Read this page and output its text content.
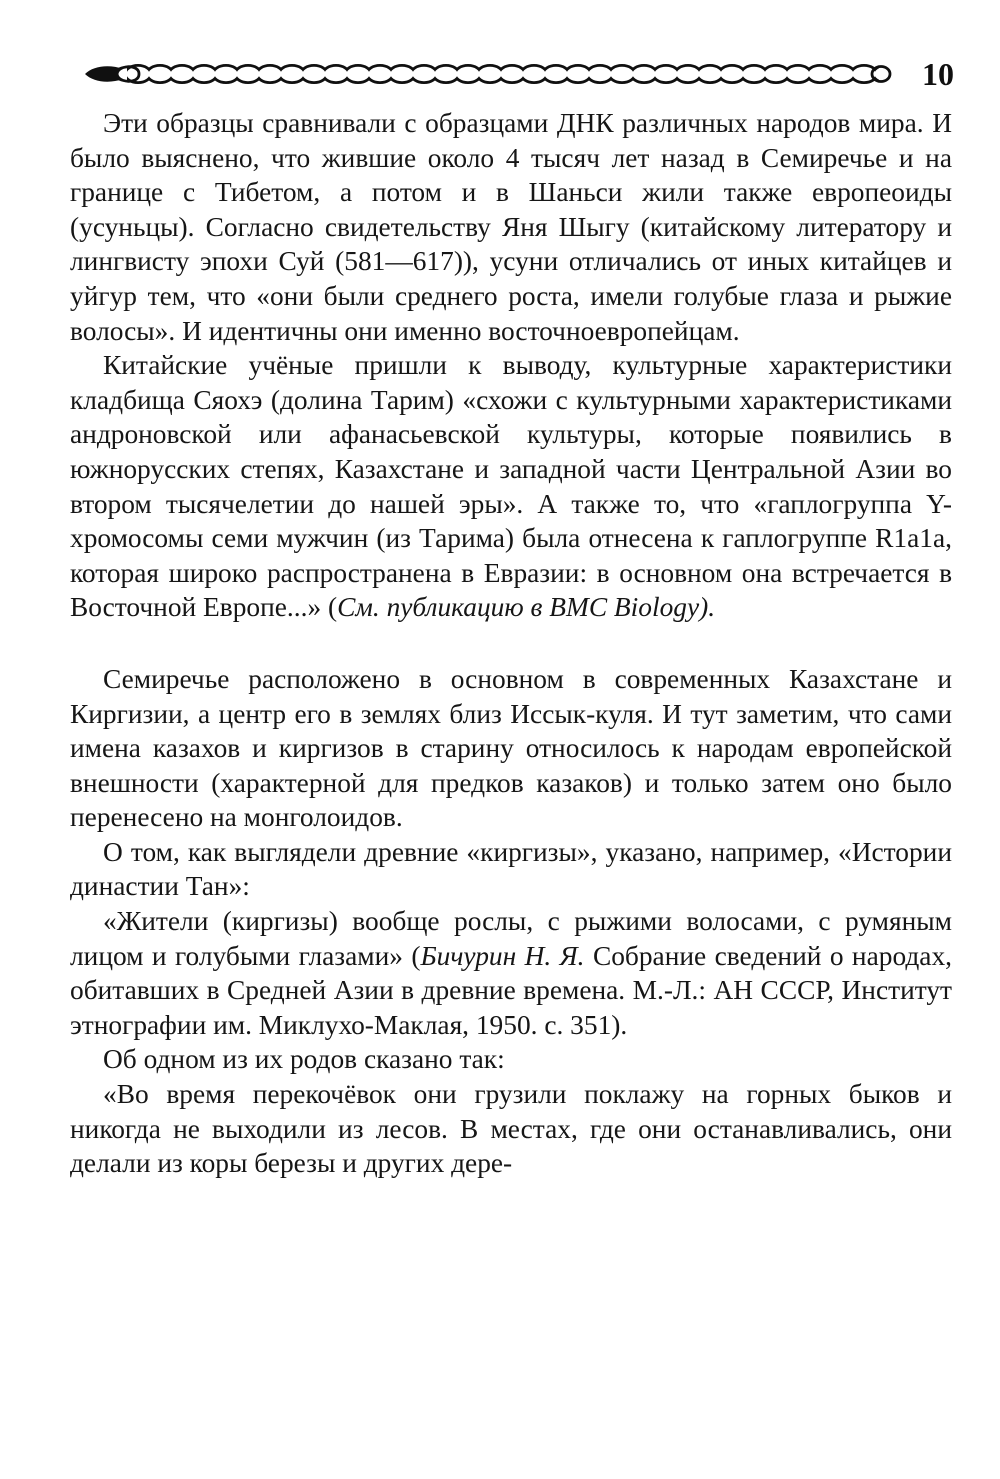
10

Эти образцы сравнивали с образцами ДНК различных народов мира. И было выяснено, что жившие около 4 тысяч лет назад в Семиречье и на границе с Тибетом, а потом и в Шаньси жили также европеоиды (усуньцы). Согласно свидетельству Яня Шыгу (китайскому литератору и лингвисту эпохи Суй (581—617)), усуни отличались от иных китайцев и уйгур тем, что «они были среднего роста, имели голубые глаза и рыжие волосы». И идентичны они именно восточноевропейцам.

Китайские учёные пришли к выводу, культурные характеристики кладбища Сяохэ (долина Тарим) «схожи с культурными характеристиками андроновской или афанасьевской культуры, которые появились в южнорусских степях, Казахстане и западной части Центральной Азии во втором тысячелетии до нашей эры». А также то, что «гаплогруппа Y-хромосомы семи мужчин (из Тарима) была отнесена к гаплогруппе R1a1a, которая широко распространена в Евразии: в основном она встречается в Восточной Европе...» (См. публикацию в BMC Biology).

Семиречье расположено в основном в современных Казахстане и Киргизии, а центр его в землях близ Иссык-куля. И тут заметим, что сами имена казахов и киргизов в старину относилось к народам европейской внешности (характерной для предков казаков) и только затем оно было перенесено на монголоидов.

О том, как выглядели древние «киргизы», указано, например, «Истории династии Тан»:

«Жители (киргизы) вообще рослы, с рыжими волосами, с румяным лицом и голубыми глазами» (Бичурин Н. Я. Собрание сведений о народах, обитавших в Средней Азии в древние времена. М.-Л.: АН СССР, Институт этнографии им. Миклухо-Маклая, 1950. с. 351).

Об одном из их родов сказано так:

«Во время перекочёвок они грузили поклажу на горных быков и никогда не выходили из лесов. В местах, где они останавливались, они делали из коры березы и других дере-
